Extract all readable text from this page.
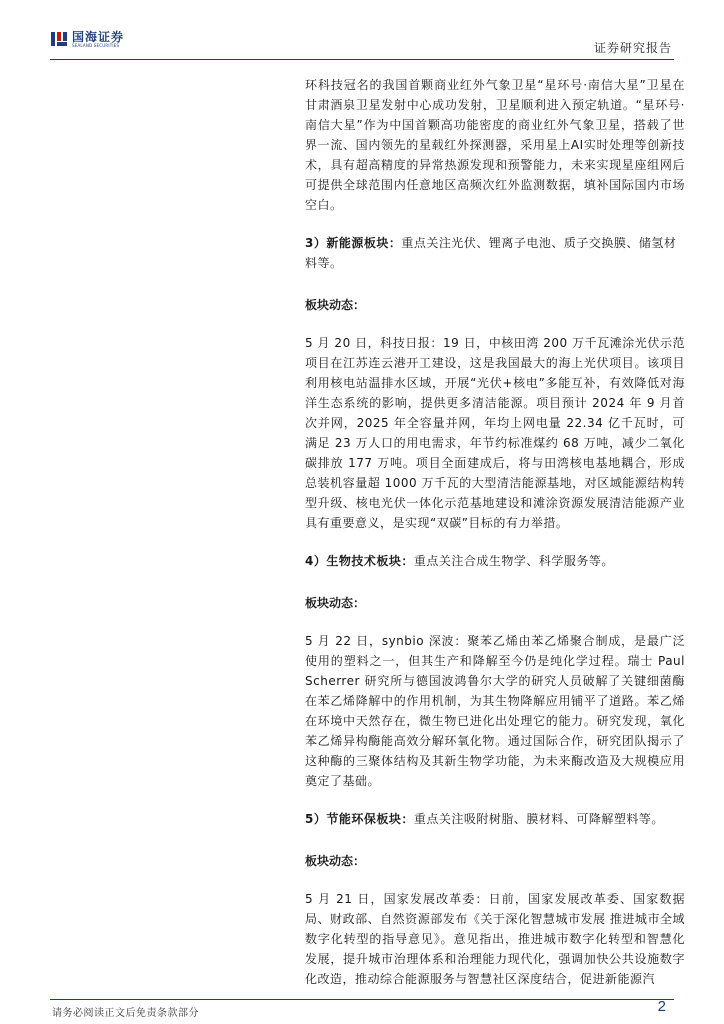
国海证券
SEALAND SECURITIES	证券研究报告

环科技冠名的我国首颗商业红外气象卫星“星环号·南信大星”卫星在甘肃酒泉卫星发射中心成功发射，卫星顺利进入预定轨道。“星环号·南信大星”作为中国首颗高功能密度的商业红外气象卫星，搭载了世界一流、国内领先的星载红外探测器，采用星上AI实时处理等创新技术，具有超高精度的异常热源发现和预警能力，未来实现星座组网后可提供全球范围内任意地区高频次红外监测数据，填补国际国内市场空白。

3）新能源板块：重点关注光伏、锂离子电池、质子交换膜、储氢材料等。

板块动态：

5 月 20 日，科技日报：19 日，中核田湾 200 万千瓦滩涂光伏示范项目在江苏连云港开工建设，这是我国最大的海上光伏项目。该项目利用核电站温排水区域，开展“光伏+核电”多能互补，有效降低对海洋生态系统的影响，提供更多清洁能源。项目预计 2024 年 9 月首次并网，2025 年全容量并网，年均上网电量 22.34 亿千瓦时，可满足 23 万人口的用电需求，年节约标准煤约 68 万吨，减少二氧化碳排放 177 万吨。项目全面建成后，将与田湾核电基地耦合，形成总装机容量超 1000 万千瓦的大型清洁能源基地，对区域能源结构转型升级、核电光伏一体化示范基地建设和滩涂资源发展清洁能源产业具有重要意义，是实现“双碳”目标的有力举措。

4）生物技术板块：重点关注合成生物学、科学服务等。

板块动态：

5 月 22 日，synbio 深波：聚苯乙烯由苯乙烯聚合制成，是最广泛使用的塑料之一，但其生产和降解至今仍是纯化学过程。瑞士 Paul Scherrer 研究所与德国波鸿鲁尔大学的研究人员破解了关键细菌酶在苯乙烯降解中的作用机制，为其生物降解应用铺平了道路。苯乙烯在环境中天然存在，微生物已进化出处理它的能力。研究发现，氧化苯乙烯异构酶能高效分解环氧化物。通过国际合作，研究团队揭示了这种酶的三聚体结构及其新生物学功能，为未来酶改造及大规模应用奠定了基础。

5）节能环保板块：重点关注吸附树脂、膜材料、可降解塑料等。

板块动态：

5 月 21 日，国家发展改革委：日前，国家发展改革委、国家数据局、财政部、自然资源部发布《关于深化智慧城市发展 推进城市全域数字化转型的指导意见》。意见指出，推进城市数字化转型和智慧化发展，提升城市治理体系和治理能力现代化，强调加快公共设施数字化改造，推动综合能源服务与智慧社区深度结合，促进新能源汽

请务必阅读正文后免责条款部分	2
